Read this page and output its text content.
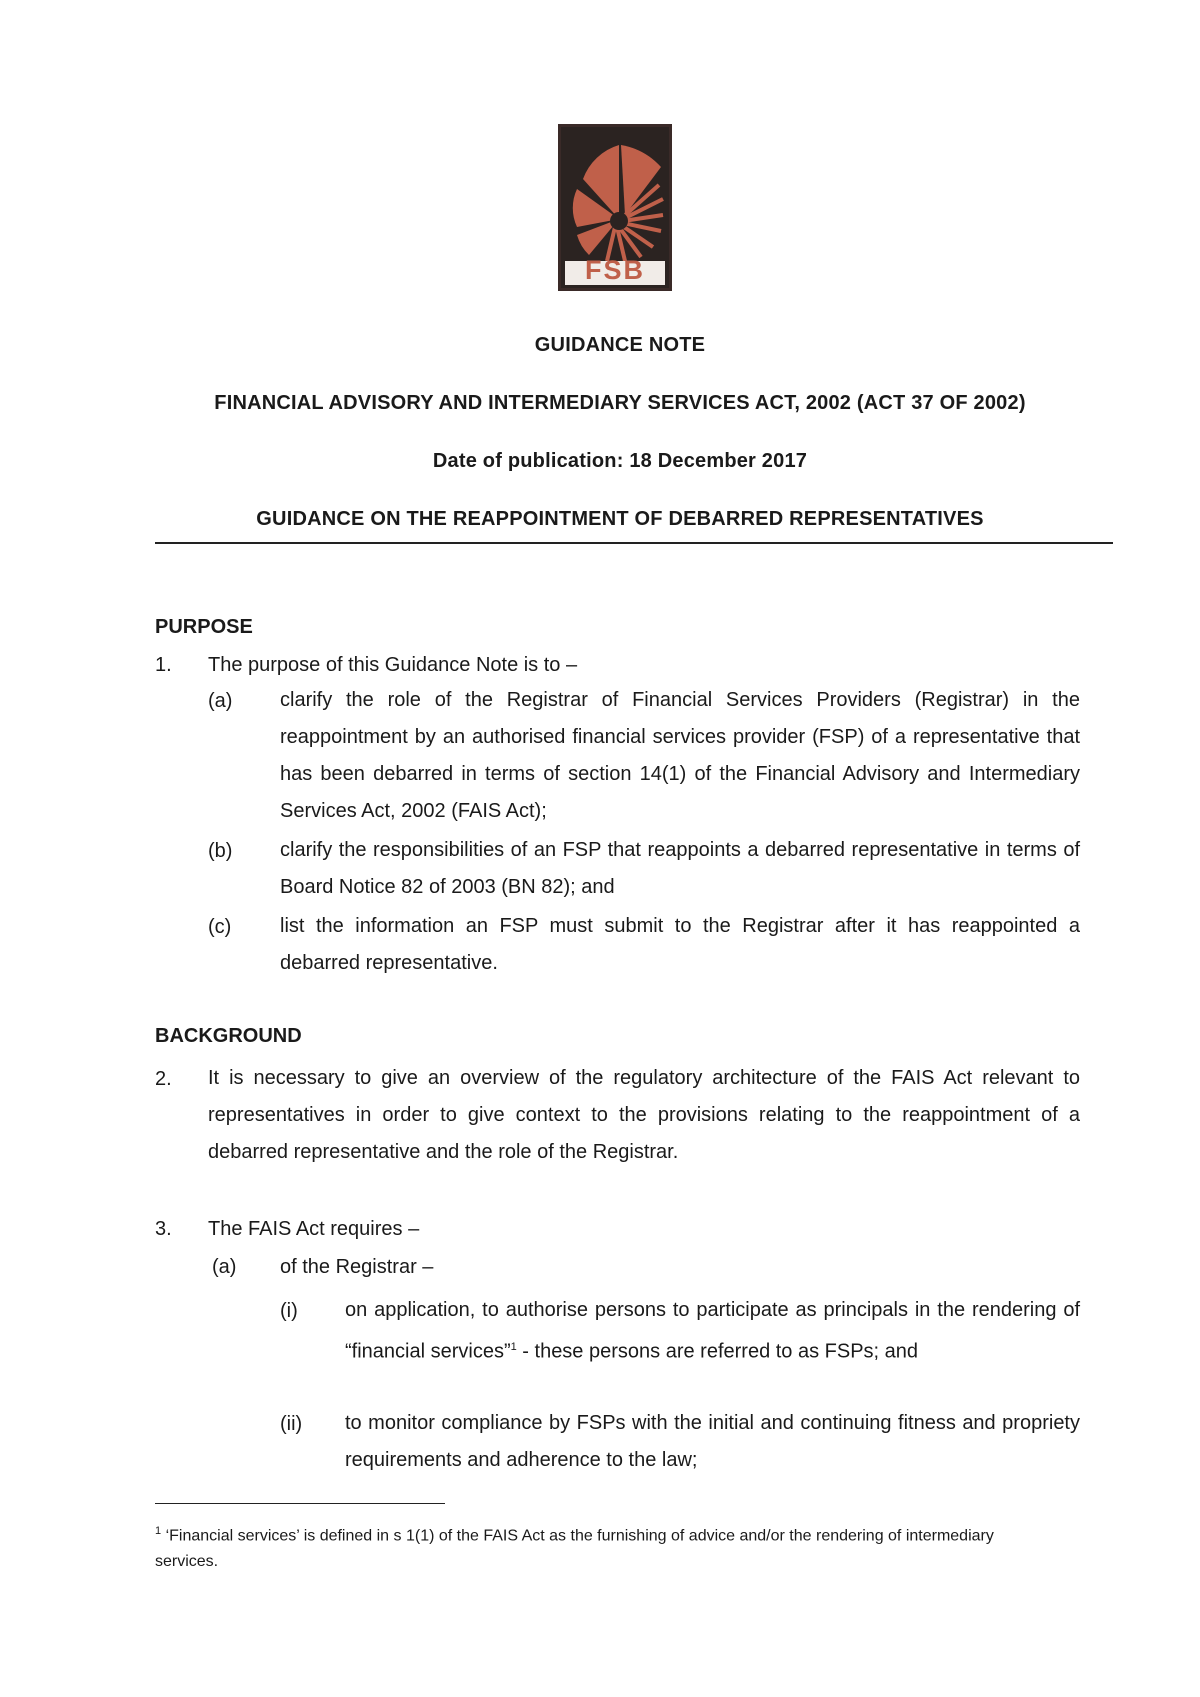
FSB
GUIDANCE NOTE
FINANCIAL ADVISORY AND INTERMEDIARY SERVICES ACT, 2002 (ACT 37 OF 2002)
Date of publication: 18 December 2017
GUIDANCE ON THE REAPPOINTMENT OF DEBARRED REPRESENTATIVES
PURPOSE
1. The purpose of this Guidance Note is to –
(a) clarify the role of the Registrar of Financial Services Providers (Registrar) in the reappointment by an authorised financial services provider (FSP) of a representative that has been debarred in terms of section 14(1) of the Financial Advisory and Intermediary Services Act, 2002 (FAIS Act);

(b) clarify the responsibilities of an FSP that reappoints a debarred representative in terms of Board Notice 82 of 2003 (BN 82); and

(c) list the information an FSP must submit to the Registrar after it has reappointed a debarred representative.

BACKGROUND
2. It is necessary to give an overview of the regulatory architecture of the FAIS Act relevant to representatives in order to give context to the provisions relating to the reappointment of a debarred representative and the role of the Registrar.

3. The FAIS Act requires –
(a) of the Registrar –
(i) on application, to authorise persons to participate as principals in the rendering of “financial services”$^1$ - these persons are referred to as FSPs; and

(ii) to monitor compliance by FSPs with the initial and continuing fitness and propriety requirements and adherence to the law;

$^1$ ‘Financial services’ is defined in s 1(1) of the FAIS Act as the furnishing of advice and/or the rendering of intermediary services.
